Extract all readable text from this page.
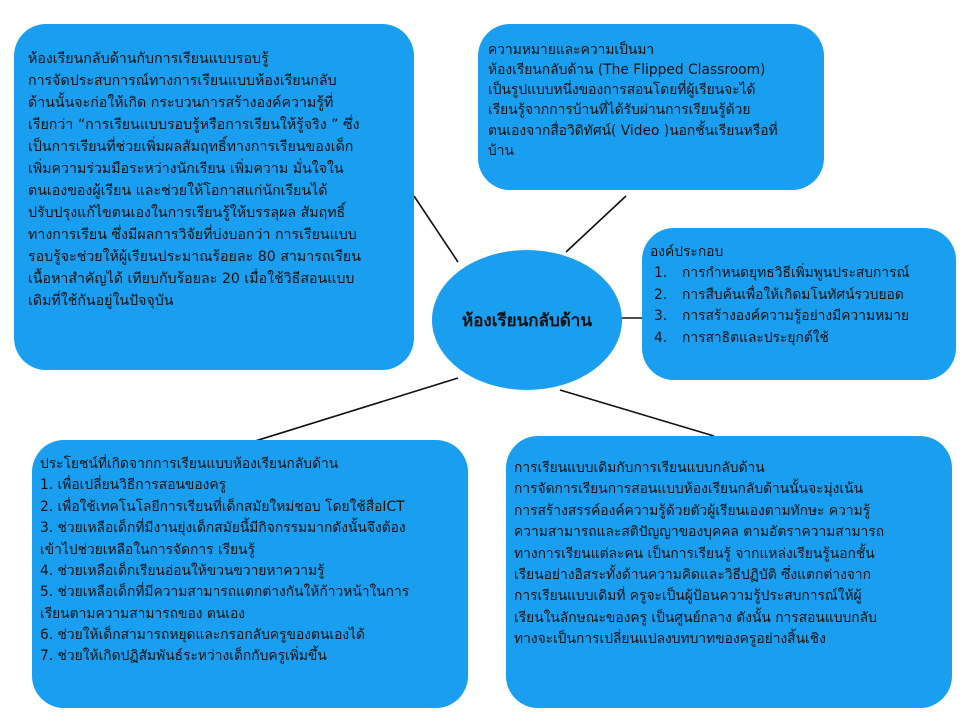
ห้องเรียนกลับด้านกับการเรียนแบบรอบรู้

การจัดประสบการณ์ทางการเรียนแบบห้องเรียนกลับ

ด้านนั้นจะก่อให้เกิด กระบวนการสร้างองค์ความรู้ที่

เรียกว่า “การเรียนแบบรอบรู้หรือการเรียนให้รู้จริง ” ซึ่ง

เป็นการเรียนที่ช่วยเพิ่มผลสัมฤทธิ์ทางการเรียนของเด็ก

เพิ่มความร่วมมือระหว่างนักเรียน เพิ่มความ มั่นใจใน

ตนเองของผู้เรียน และช่วยให้โอกาสแก่นักเรียนได้

ปรับปรุงแก้ไขตนเองในการเรียนรู้ให้บรรลุผล สัมฤทธิ์

ทางการเรียน ซึ่งมีผลการวิจัยที่บ่งบอกว่า การเรียนแบบ

รอบรู้จะช่วยให้ผู้เรียนประมาณร้อยละ 80 สามารถเรียน

เนื้อหาสำคัญได้ เทียบกับร้อยละ 20 เมื่อใช้วิธีสอนแบบ

เดิมที่ใช้กันอยู่ในปัจจุบัน

ความหมายและความเป็นมา

ห้องเรียนกลับด้าน (The Flipped Classroom)

เป็นรูปแบบหนึ่งของการสอนโดยที่ผู้เรียนจะได้

เรียนรู้จากการบ้านที่ได้รับผ่านการเรียนรู้ด้วย

ตนเองจากสื่อวิดิทัศน์( Video )นอกชั้นเรียนหรือที่

บ้าน

องค์ประกอบ

1.	การกำหนดยุทธวิธีเพิ่มพูนประสบการณ์
2.	การสืบค้นเพื่อให้เกิดมโนทัศน์รวบยอด
3.	การสร้างองค์ความรู้อย่างมีความหมาย
4.	การสาธิตและประยุกต์ใช้

ประโยชน์ที่เกิดจากการเรียนแบบห้องเรียนกลับด้าน

1. เพื่อเปลี่ยนวิธีการสอนของครู

2. เพื่อใช้เทคโนโลยีการเรียนที่เด็กสมัยใหม่ชอบ โดยใช้สื่อICT

3. ช่วยเหลือเด็กที่มีงานยุ่งเด็กสมัยนี้มีกิจกรรมมากดังนั้นจึงต้อง

เข้าไปช่วยเหลือในการจัดการ เรียนรู้

4. ช่วยเหลือเด็กเรียนอ่อนให้ขวนขวายหาความรู้

5. ช่วยเหลือเด็กที่มีความสามารถแตกต่างกันให้ก้าวหน้าในการ

เรียนตามความสามารถของ ตนเอง

6. ช่วยให้เด็กสามารถหยุดและกรอกลับครูของตนเองได้

7. ช่วยให้เกิดปฏิสัมพันธ์ระหว่างเด็กกับครูเพิ่มขึ้น

การเรียนแบบเดิมกับการเรียนแบบกลับด้าน

การจัดการเรียนการสอนแบบห้องเรียนกลับด้านนั้นจะมุ่งเน้น

การสร้างสรรค์องค์ความรู้ด้วยตัวผู้เรียนเองตามทักษะ ความรู้

ความสามารถและสติปัญญาของบุคคล ตามอัตราความสามารถ

ทางการเรียนแต่ละคน เป็นการเรียนรู้ จากแหล่งเรียนรู้นอกชั้น

เรียนอย่างอิสระทั้งด้านความคิดและวิธีปฏิบัติ ซึ่งแตกต่างจาก

การเรียนแบบเดิมที่ ครูจะเป็นผู้ป้อนความรู้ประสบการณ์ให้ผู้

เรียนในลักษณะของครู เป็นศูนย์กลาง ดังนั้น การสอนแบบกลับ

ทางจะเป็นการเปลี่ยนแปลงบทบาทของครูอย่างสิ้นเชิง

ห้องเรียนกลับด้าน
